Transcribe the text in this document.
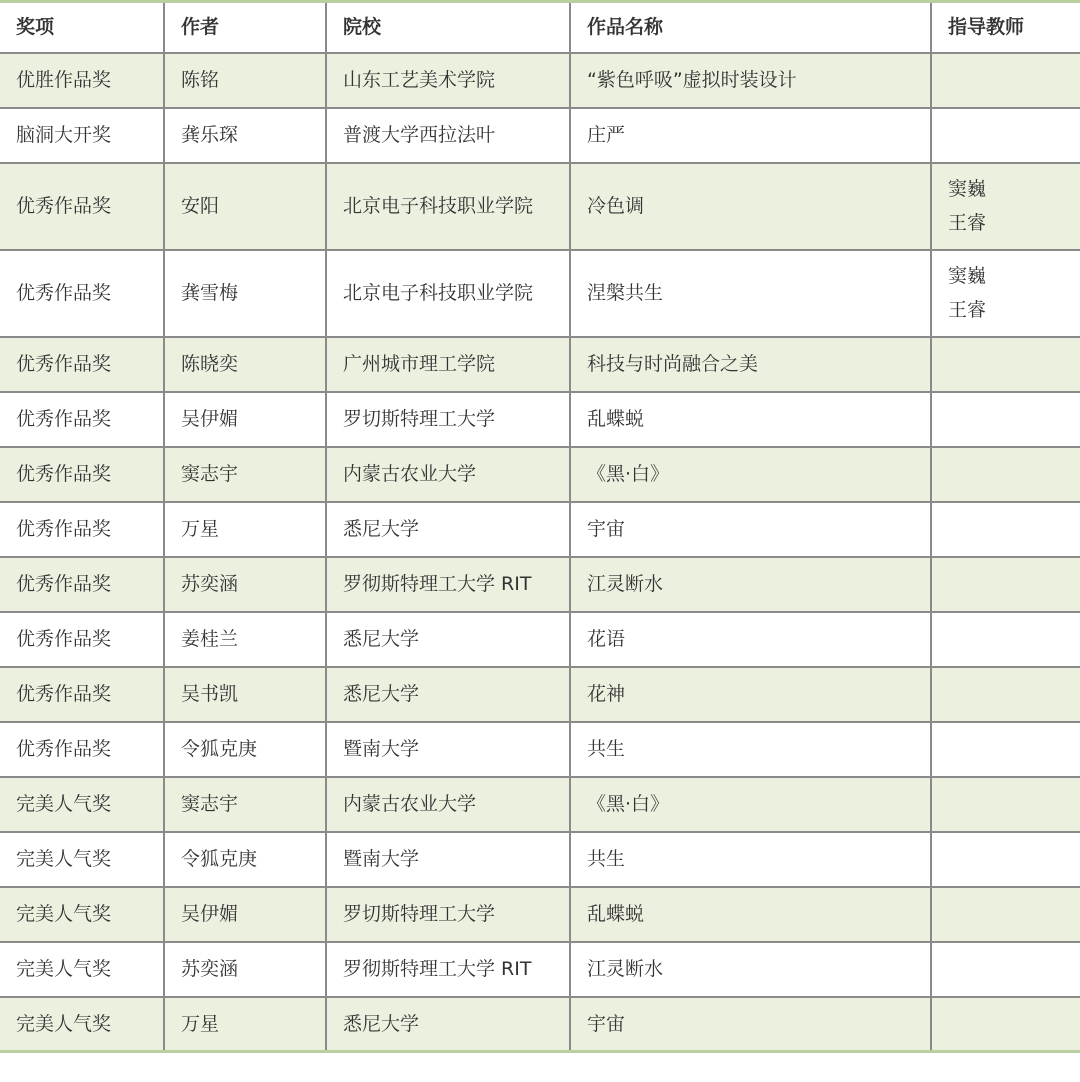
奖项	作者	院校	作品名称	指导教师
优胜作品奖	陈铭	山东工艺美术学院	“紫色呼吸”虚拟时装设计	
脑洞大开奖	龚乐琛	普渡大学西拉法叶	庄严	
优秀作品奖	安阳	北京电子科技职业学院	冷色调	窦巍
王睿

优秀作品奖	龚雪梅	北京电子科技职业学院	涅槃共生	窦巍
王睿

优秀作品奖	陈晓奕	广州城市理工学院	科技与时尚融合之美	
优秀作品奖	吴伊媚	罗切斯特理工大学	乱蝶蜕	
优秀作品奖	窦志宇	内蒙古农业大学	《黑·白》	
优秀作品奖	万星	悉尼大学	宇宙	
优秀作品奖	苏奕涵	罗彻斯特理工大学 RIT	江灵断水	
优秀作品奖	姜桂兰	悉尼大学	花语	
优秀作品奖	吴书凯	悉尼大学	花神	
优秀作品奖	令狐克庚	暨南大学	共生	
完美人气奖	窦志宇	内蒙古农业大学	《黑·白》	
完美人气奖	令狐克庚	暨南大学	共生	
完美人气奖	吴伊媚	罗切斯特理工大学	乱蝶蜕	
完美人气奖	苏奕涵	罗彻斯特理工大学 RIT	江灵断水	
完美人气奖	万星	悉尼大学	宇宙	
